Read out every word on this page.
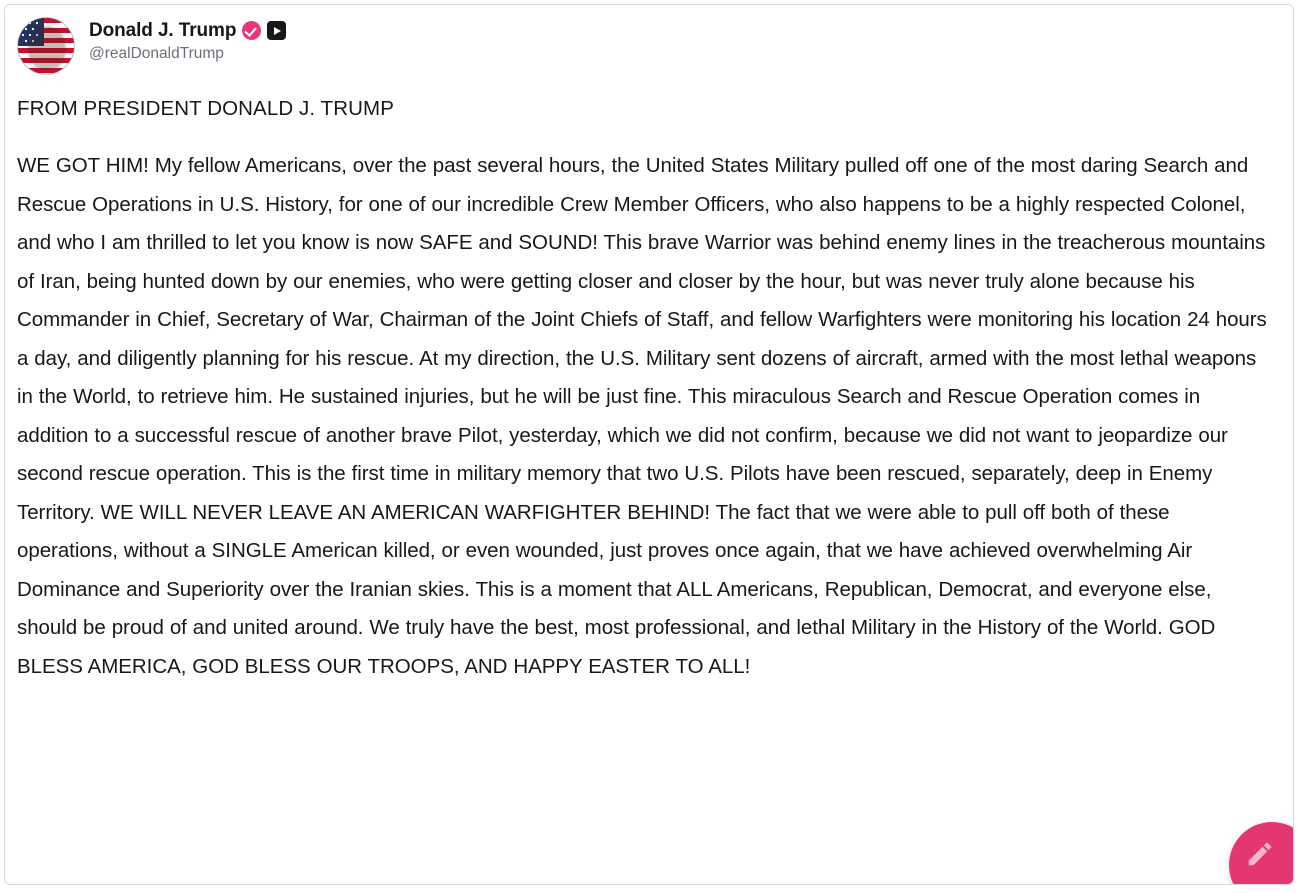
Donald J. Trump
@realDonaldTrump
FROM PRESIDENT DONALD J. TRUMP
WE GOT HIM! My fellow Americans, over the past several hours, the United States Military pulled off one of the most daring Search and Rescue Operations in U.S. History, for one of our incredible Crew Member Officers, who also happens to be a highly respected Colonel, and who I am thrilled to let you know is now SAFE and SOUND! This brave Warrior was behind enemy lines in the treacherous mountains of Iran, being hunted down by our enemies, who were getting closer and closer by the hour, but was never truly alone because his Commander in Chief, Secretary of War, Chairman of the Joint Chiefs of Staff, and fellow Warfighters were monitoring his location 24 hours a day, and diligently planning for his rescue. At my direction, the U.S. Military sent dozens of aircraft, armed with the most lethal weapons in the World, to retrieve him. He sustained injuries, but he will be just fine. This miraculous Search and Rescue Operation comes in addition to a successful rescue of another brave Pilot, yesterday, which we did not confirm, because we did not want to jeopardize our second rescue operation. This is the first time in military memory that two U.S. Pilots have been rescued, separately, deep in Enemy Territory. WE WILL NEVER LEAVE AN AMERICAN WARFIGHTER BEHIND! The fact that we were able to pull off both of these operations, without a SINGLE American killed, or even wounded, just proves once again, that we have achieved overwhelming Air Dominance and Superiority over the Iranian skies. This is a moment that ALL Americans, Republican, Democrat, and everyone else, should be proud of and united around. We truly have the best, most professional, and lethal Military in the History of the World. GOD BLESS AMERICA, GOD BLESS OUR TROOPS, AND HAPPY EASTER TO ALL!
